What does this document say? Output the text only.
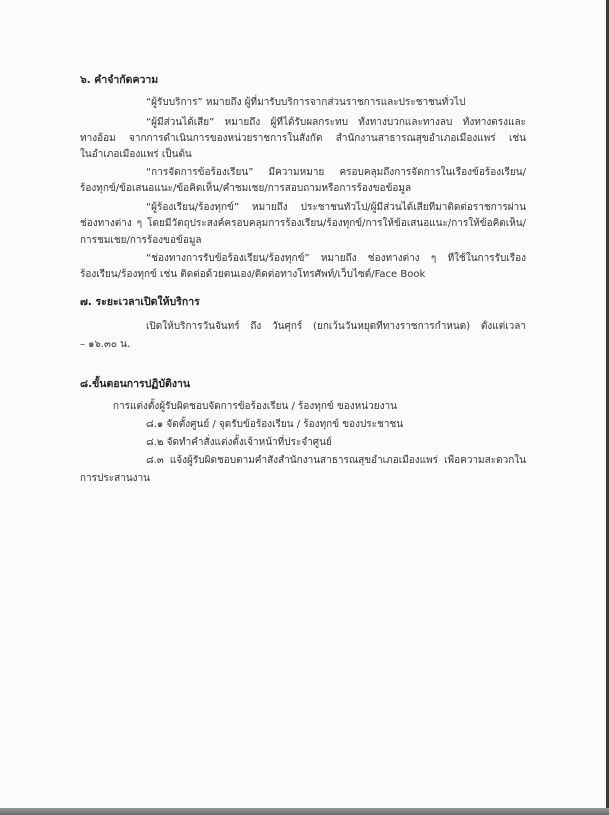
๖. คำจำกัดความ
“ผู้รับบริการ” หมายถึง ผู้ที่มารับบริการจากส่วนราชการและประชาชนทั่วไป
“ผู้มีส่วนได้เสีย” หมายถึง ผู้ที่ได้รับผลกระทบ ทั้งทางบวกและทางลบ ทั้งทางตรงและ
ทางอ้อม จากการดำเนินการของหน่วยราชการในสังกัด สำนักงานสาธารณสุขอำเภอเมืองแพร่ เช่น
ในอำเภอเมืองแพร่ เป็นต้น
“การจัดการข้อร้องเรียน” มีความหมาย ครอบคลุมถึงการจัดการในเรื่องข้อร้องเรียน/
ร้องทุกข์/ข้อเสนอแนะ/ข้อคิดเห็น/คำชมเชย/การสอบถามหรือการร้องขอข้อมูล
“ผู้ร้องเรียน/ร้องทุกข์” หมายถึง ประชาชนทั่วไป/ผู้มีส่วนได้เสียที่มาติดต่อราชการผ่าน
ช่องทางต่าง ๆ โดยมีวัตถุประสงค์ครอบคลุมการร้องเรียน/ร้องทุกข์/การให้ข้อเสนอแนะ/การให้ข้อคิดเห็น/
การชมเชย/การร้องขอข้อมูล
“ช่องทางการรับข้อร้องเรียน/ร้องทุกข์” หมายถึง ช่องทางต่าง ๆ ที่ใช้ในการรับเรื่อง
ร้องเรียน/ร้องทุกข์ เช่น ติดต่อด้วยตนเอง/ติดต่อทางโทรศัพท์/เว็บไซต์/Face Book
๗. ระยะเวลาเปิดให้บริการ
เปิดให้บริการวันจันทร์ ถึง วันศุกร์ (ยกเว้นวันหยุดที่ทางราชการกำหนด) ตั้งแต่เวลา
– ๑๖.๓๐ น.
๘.ขั้นตอนการปฏิบัติงาน
การแต่งตั้งผู้รับผิดชอบจัดการข้อร้องเรียน / ร้องทุกข์ ของหน่วยงาน
๘.๑ จัดตั้งศูนย์ / จุดรับข้อร้องเรียน / ร้องทุกข์ ของประชาชน
๘.๒ จัดทำคำสั่งแต่งตั้งเจ้าหน้าที่ประจำศูนย์
๘.๓ แจ้งผู้รับผิดชอบตามคำสั่งสำนักงานสาธารณสุขอำเภอเมืองแพร่ เพื่อความสะดวกใน
การประสานงาน
